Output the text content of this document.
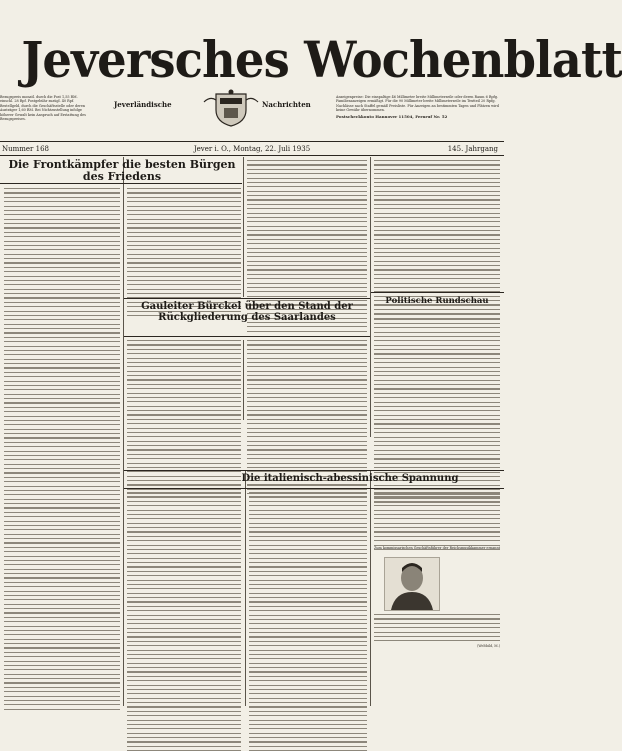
Jeversches Wochenblatt
Bezugspreis monatl. durch die Post 1,55 RM. einschl. 28 Rpf. Postgebühr zuzügl. 40 Rpf. Bestellgeld, durch die Geschäftsstelle oder deren Austräger 1,60 RM. Bei Nichtzustellung infolge höherer Gewalt kein Anspruch auf Erstattung des Bezugspreises.
Jeverländische	Nachrichten
Anzeigenpreise: Die einspaltige 46 Millimeter breite Millimeterzeile oder deren Raum 6 Rpfg. Familienanzeigen ermäßigt. Für die 90 Millimeter breite Millimeterzeile im Textteil 20 Rpfg. Nachlässe nach Staffel gemäß Preisliste. Für Anzeigen an bestimmten Tagen und Plätzen wird keine Gewähr übernommen.
Postscheckkonto Hannover 11504, Fernruf Nr. 52
Nummer 168	Jever i. O., Montag, 22. Juli 1935	145. Jahrgang
Die Frontkämpfer die besten Bürgen des Friedens
Gauleiter Bürckel über den Stand der Rückgliederung des Saarlandes
Politische Rundschau
Die italienisch-abessinische Spannung
Zum kommissarischen Geschäftsführer der Reichsmusikkammer ernannt
(Weltbild, M.)
